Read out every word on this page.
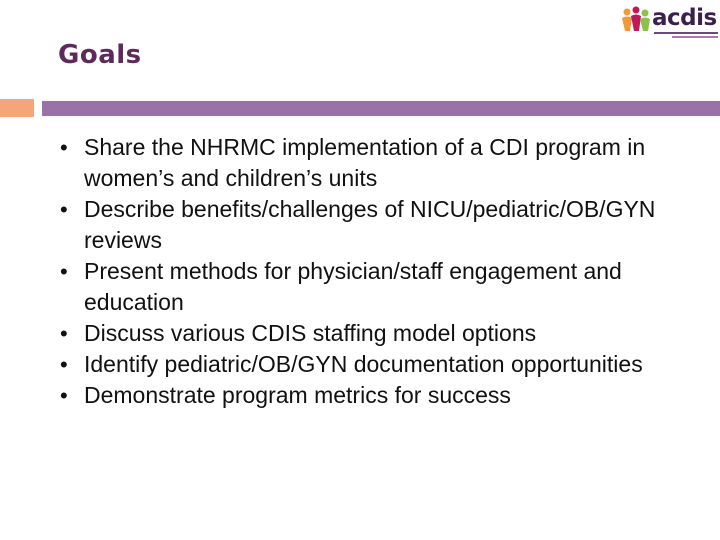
acdis
Goals
• Share the NHRMC implementation of a CDI program in women’s and children’s units
• Describe benefits/challenges of NICU/pediatric/OB/GYN reviews
• Present methods for physician/staff engagement and education
• Discuss various CDIS staffing model options
• Identify pediatric/OB/GYN documentation opportunities
• Demonstrate program metrics for success
